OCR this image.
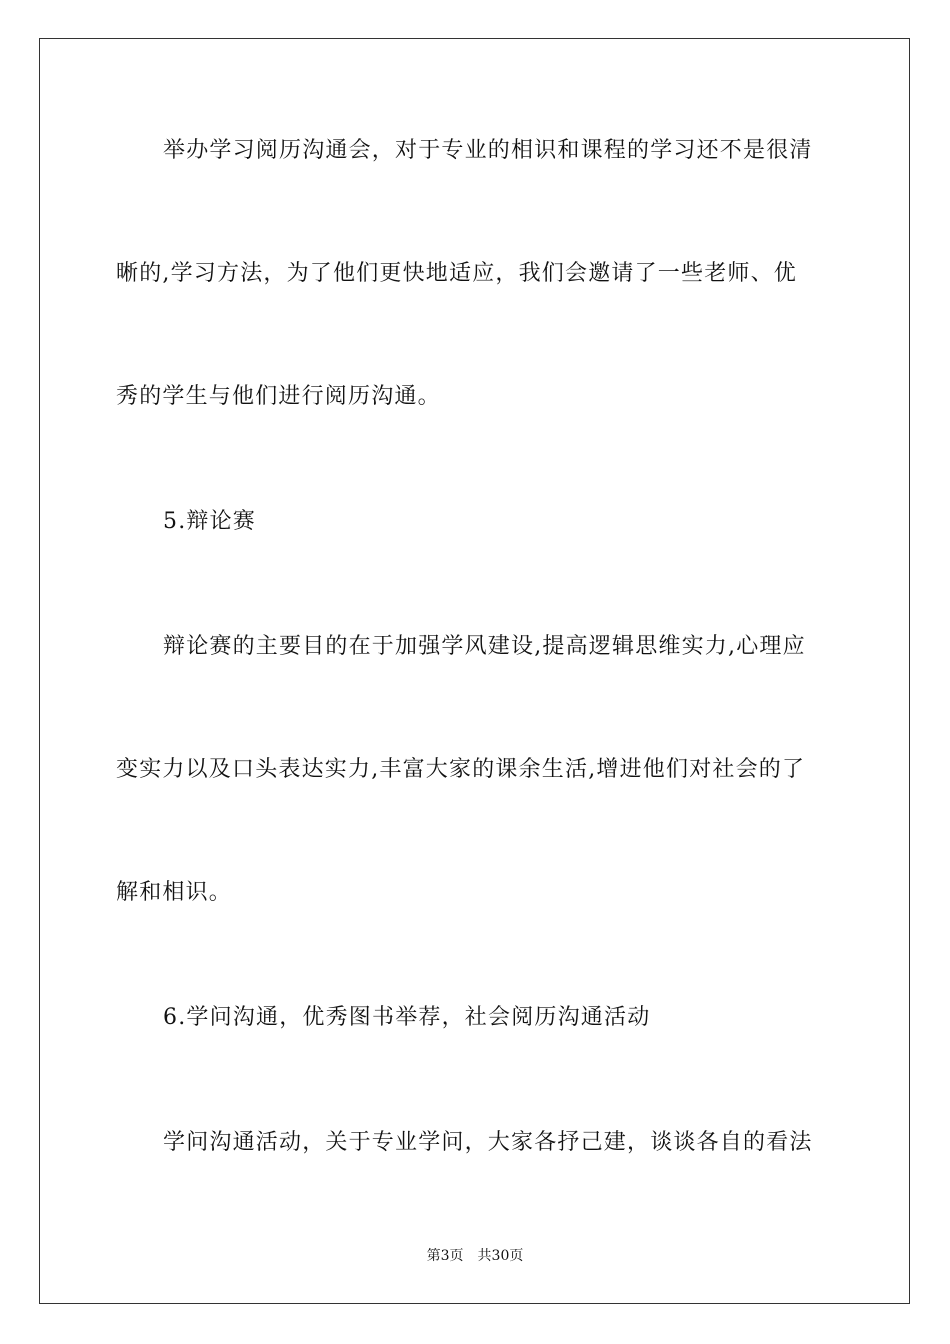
举办学习阅历沟通会，对于专业的相识和课程的学习还不是很清
晰的,学习方法，为了他们更快地适应，我们会邀请了一些老师、优
秀的学生与他们进行阅历沟通。
5.辩论赛
辩论赛的主要目的在于加强学风建设,提高逻辑思维实力,心理应
变实力以及口头表达实力,丰富大家的课余生活,增进他们对社会的了
解和相识。
6.学问沟通，优秀图书举荐，社会阅历沟通活动
学问沟通活动，关于专业学问，大家各抒己建，谈谈各自的看法
第3页 共30页
